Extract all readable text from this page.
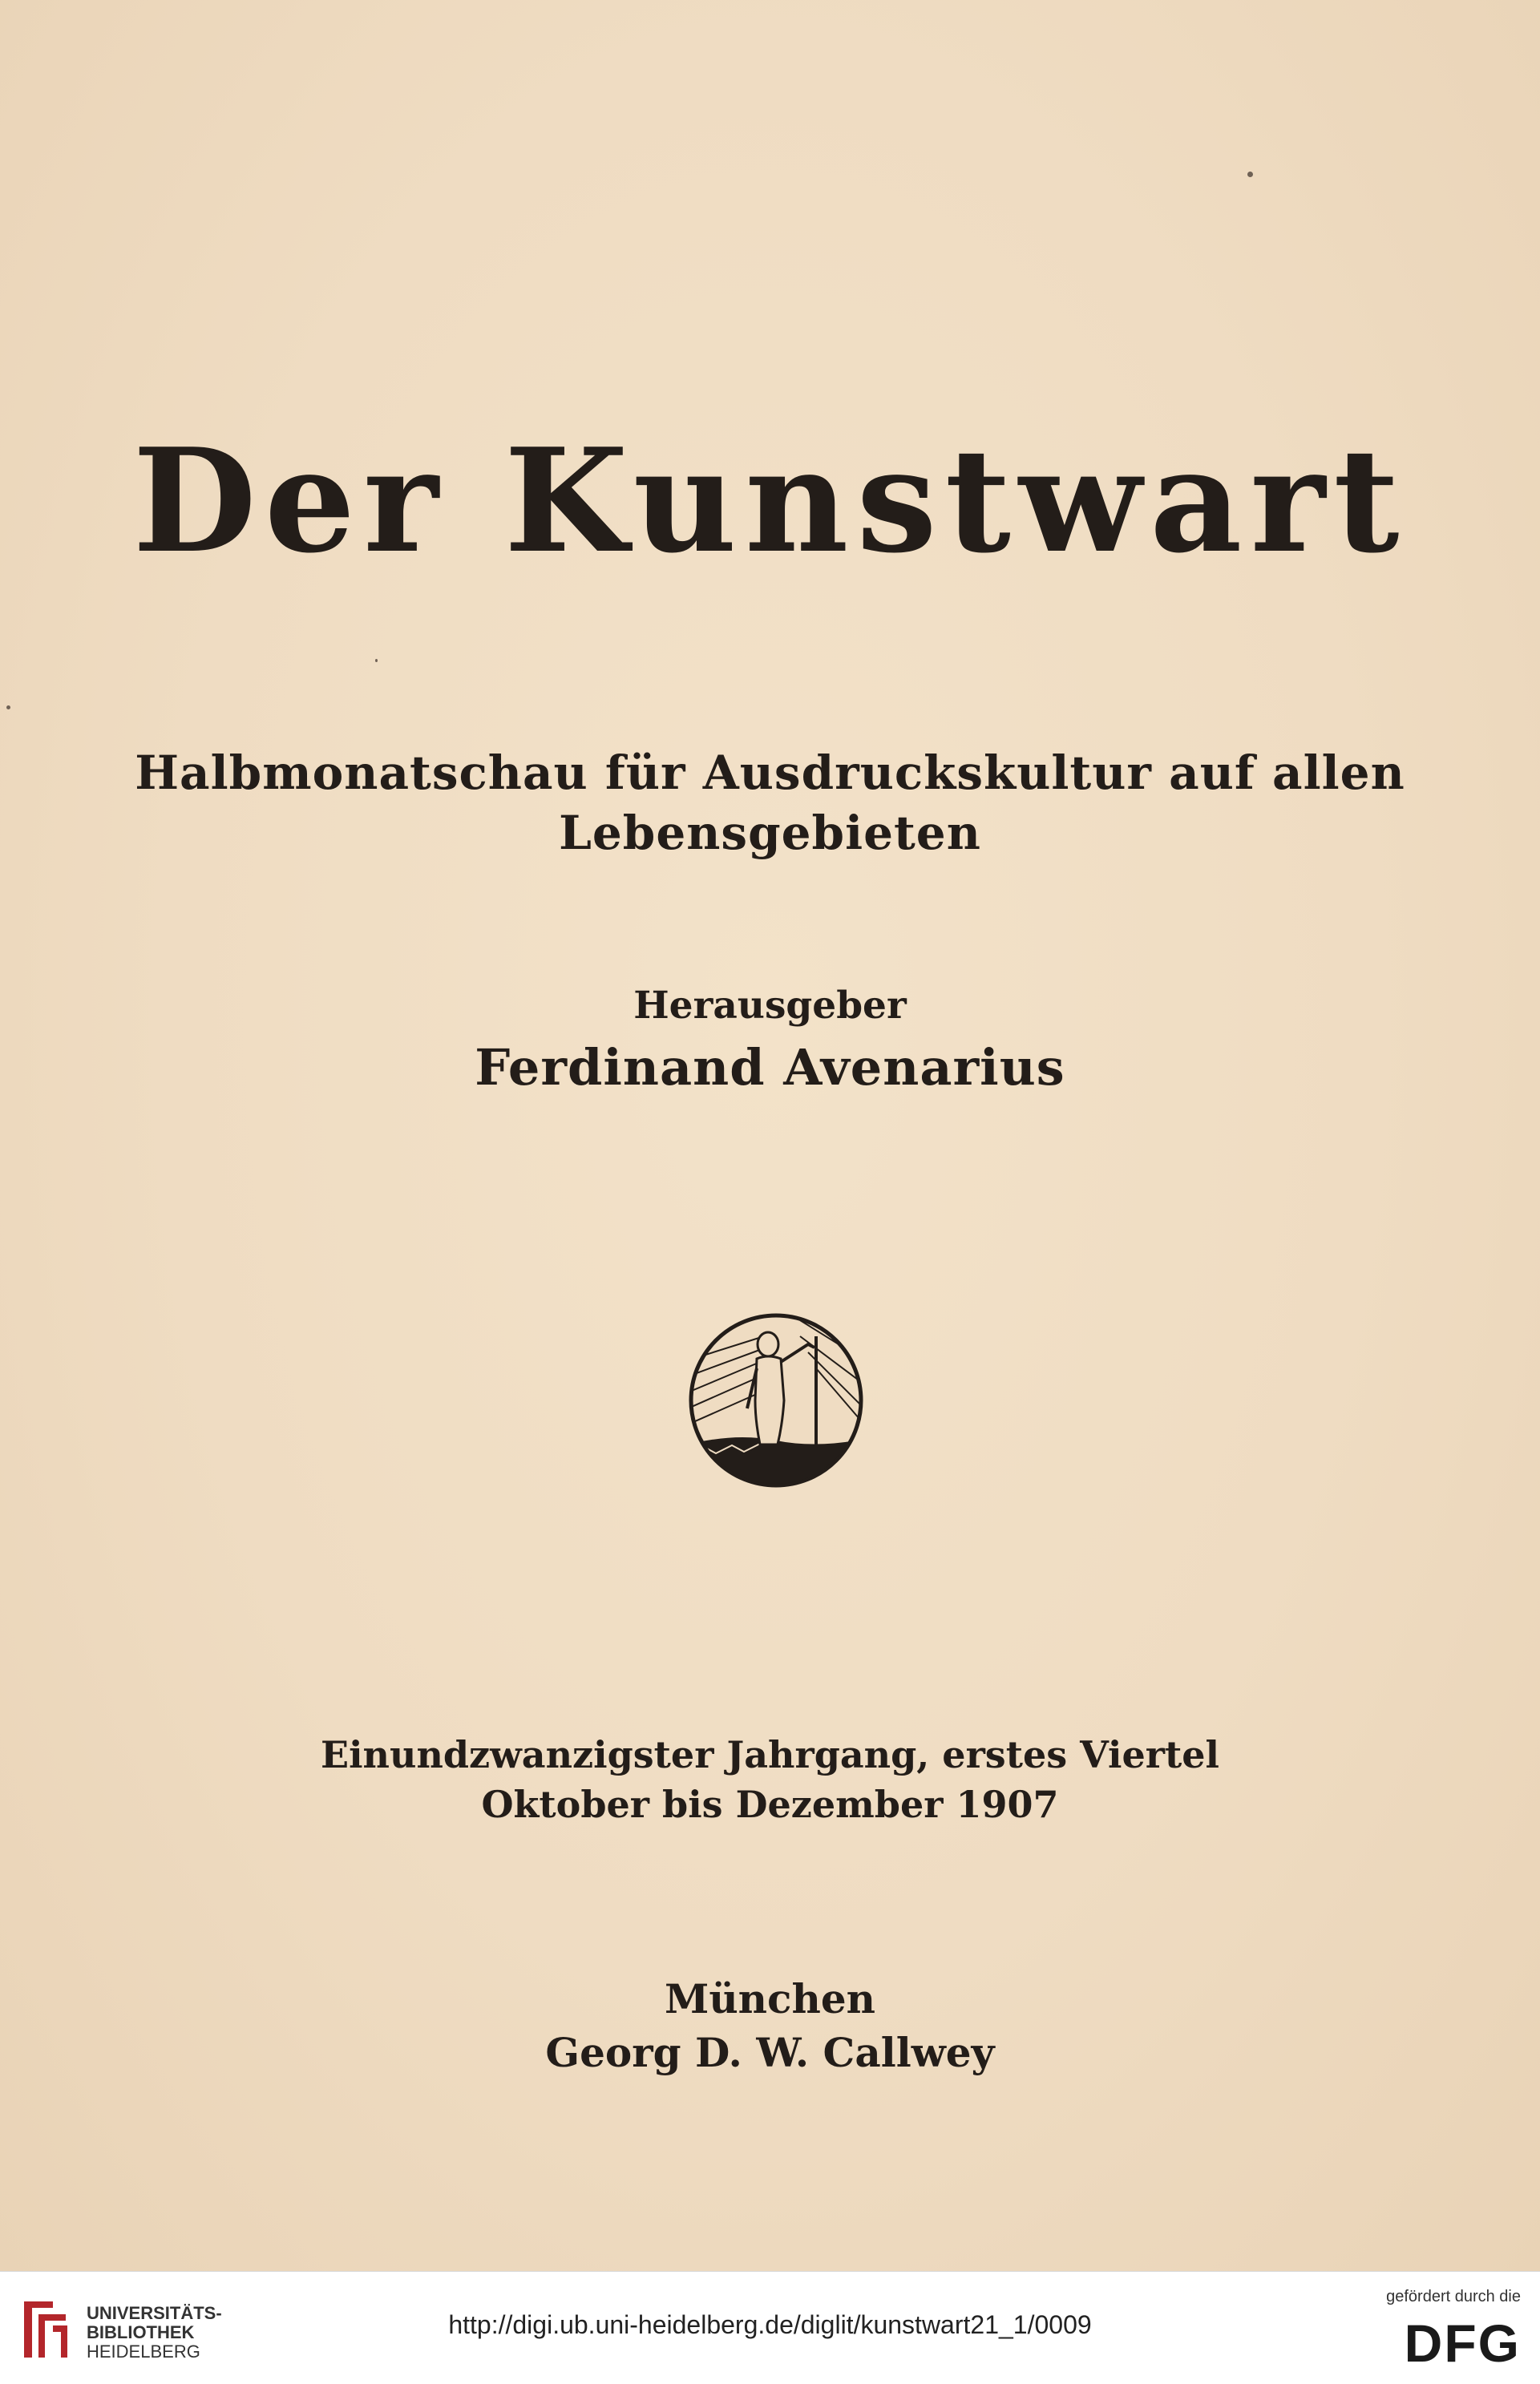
Der Kunstwart
Halbmonatschau für Ausdruckskultur auf allen
Lebensgebieten
Herausgeber
Ferdinand Avenarius
Einundzwanzigster Jahrgang, erstes Viertel
Oktober bis Dezember 1907
München
Georg D. W. Callwey
UNIVERSITÄTS-
BIBLIOTHEK
HEIDELBERG
http://digi.ub.uni-heidelberg.de/diglit/kunstwart21_1/0009
gefördert durch die
DFG
